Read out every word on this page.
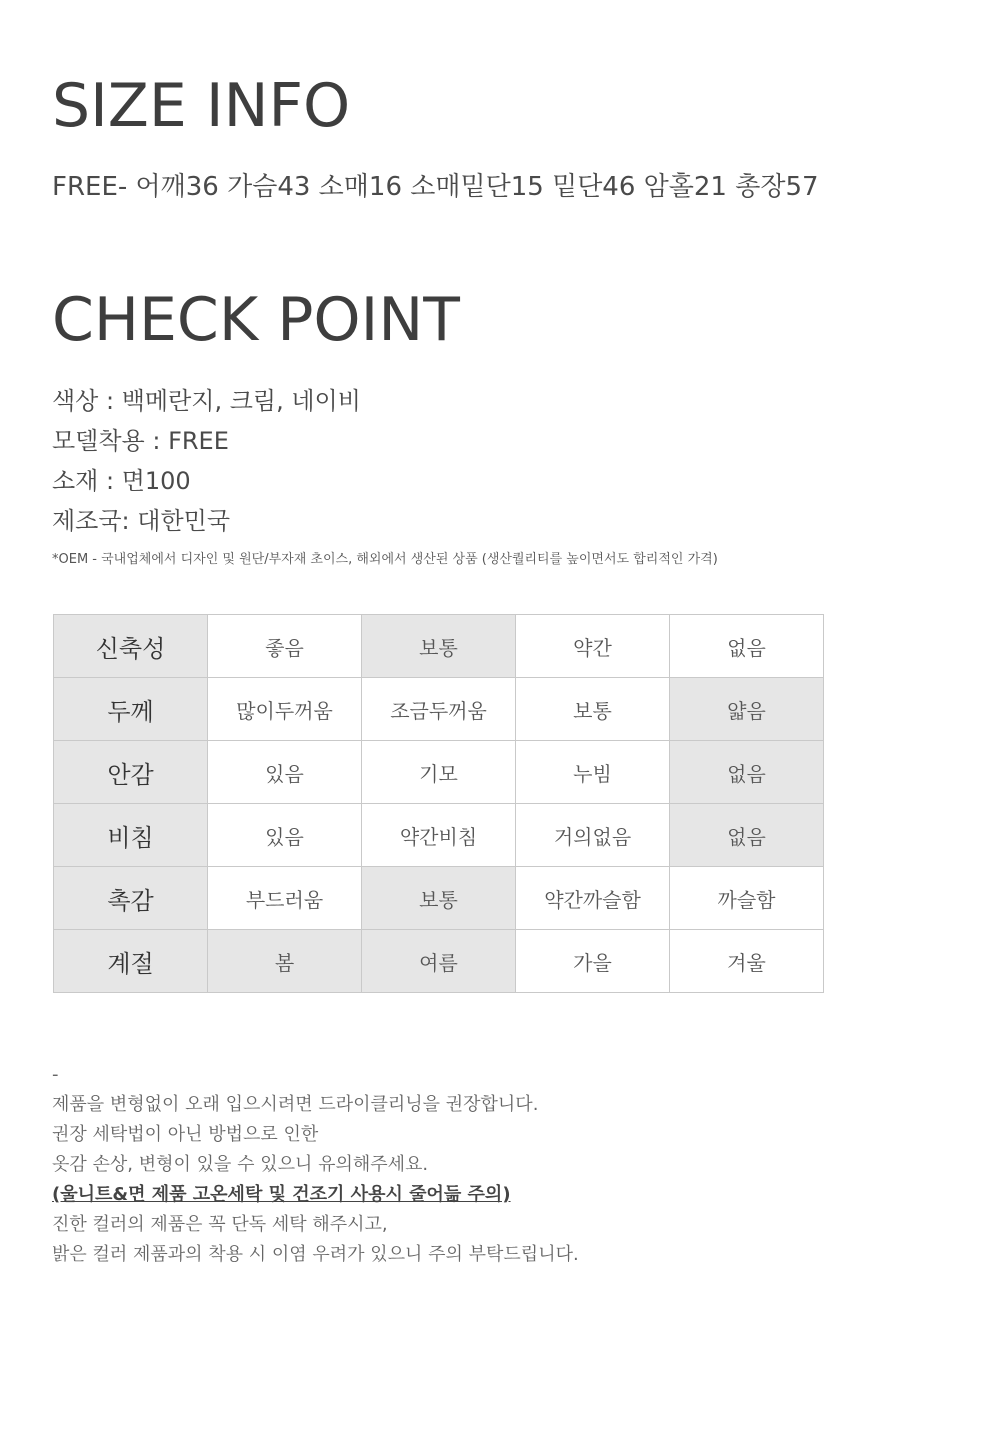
SIZE INFO
FREE- 어깨36 가슴43 소매16 소매밑단15 밑단46 암홀21 총장57
CHECK POINT
색상 : 백메란지, 크림, 네이비
모델착용 : FREE
소재 : 면100
제조국: 대한민국
*OEM - 국내업체에서 디자인 및 원단/부자재 초이스, 해외에서 생산된 상품 (생산퀄리티를 높이면서도 합리적인 가격)
신축성	좋음	보통	약간	없음
두께	많이두꺼움	조금두꺼움	보통	얇음
안감	있음	기모	누빔	없음
비침	있음	약간비침	거의없음	없음
촉감	부드러움	보통	약간까슬함	까슬함
계절	봄	여름	가을	겨울
-
제품을 변형없이 오래 입으시려면 드라이클리닝을 권장합니다.
권장 세탁법이 아닌 방법으로 인한
옷감 손상, 변형이 있을 수 있으니 유의해주세요.
(울니트&면 제품 고온세탁 및 건조기 사용시 줄어듦 주의)
진한 컬러의 제품은 꼭 단독 세탁 해주시고,
밝은 컬러 제품과의 착용 시 이염 우려가 있으니 주의 부탁드립니다.
